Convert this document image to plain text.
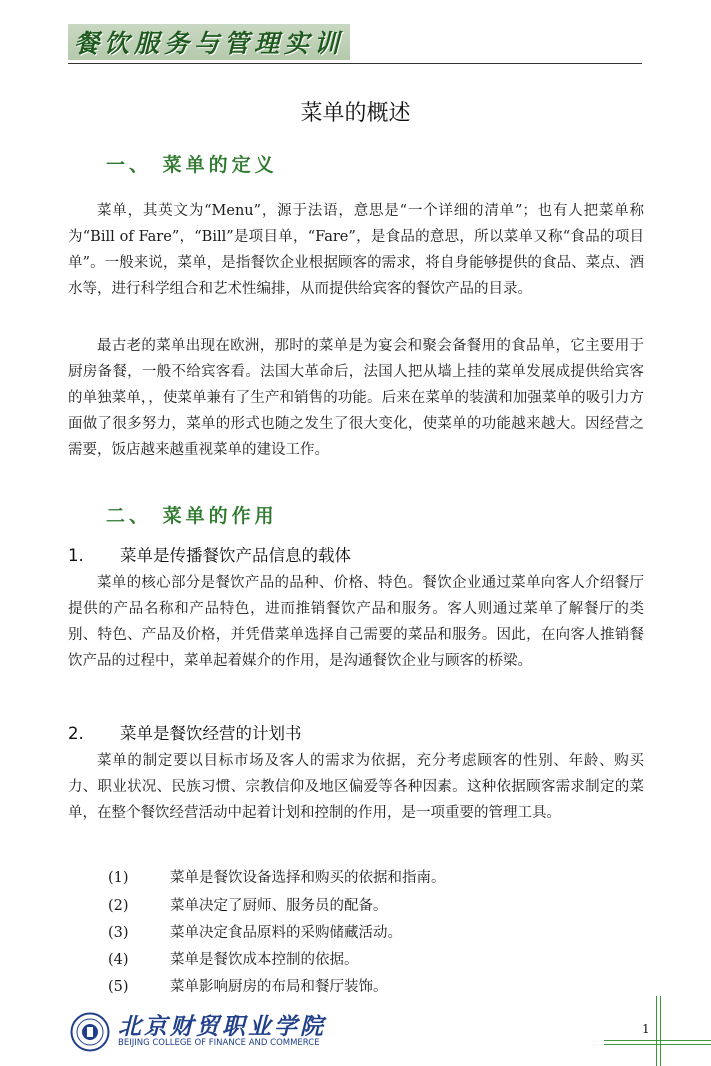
餐饮服务与管理实训
菜单的概述
一、 菜单的定义

菜单，其英文为“Menu”，源于法语，意思是“一个详细的清单”；也有人把菜单称为“Bill of Fare”，“Bill”是项目单，“Fare”，是食品的意思，所以菜单又称“食品的项目单”。一般来说，菜单，是指餐饮企业根据顾客的需求，将自身能够提供的食品、菜点、酒水等，进行科学组合和艺术性编排，从而提供给宾客的餐饮产品的目录。

最古老的菜单出现在欧洲，那时的菜单是为宴会和聚会备餐用的食品单，它主要用于厨房备餐，一般不给宾客看。法国大革命后，法国人把从墙上挂的菜单发展成提供给宾客的单独菜单，，使菜单兼有了生产和销售的功能。后来在菜单的装潢和加强菜单的吸引力方面做了很多努力，菜单的形式也随之发生了很大变化，使菜单的功能越来越大。因经营之需要，饭店越来越重视菜单的建设工作。

二、 菜单的作用
1. 菜单是传播餐饮产品信息的载体

菜单的核心部分是餐饮产品的品种、价格、特色。餐饮企业通过菜单向客人介绍餐厅提供的产品名称和产品特色，进而推销餐饮产品和服务。客人则通过菜单了解餐厅的类别、特色、产品及价格，并凭借菜单选择自己需要的菜品和服务。因此，在向客人推销餐饮产品的过程中，菜单起着媒介的作用，是沟通餐饮企业与顾客的桥梁。

2. 菜单是餐饮经营的计划书

菜单的制定要以目标市场及客人的需求为依据，充分考虑顾客的性别、年龄、购买力、职业状况、民族习惯、宗教信仰及地区偏爱等各种因素。这种依据顾客需求制定的菜单，在整个餐饮经营活动中起着计划和控制的作用，是一项重要的管理工具。

(1)	菜单是餐饮设备选择和购买的依据和指南。
(2)	菜单决定了厨师、服务员的配备。
(3)	菜单决定食品原料的采购储藏活动。
(4)	菜单是餐饮成本控制的依据。
(5)	菜单影响厨房的布局和餐厅装饰。
北京财贸职业学院
BEIJING COLLEGE OF FINANCE AND COMMERCE
1
